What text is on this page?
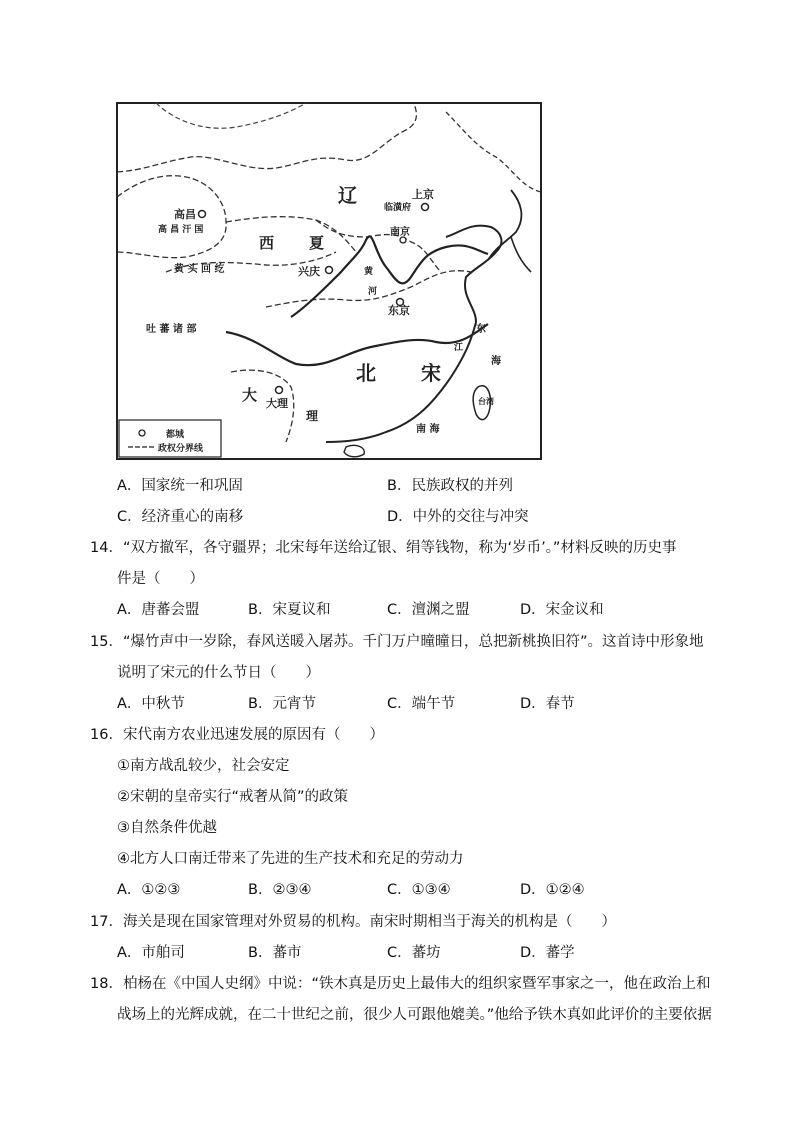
辽	上京
临潢府
高昌
高 昌 汗 国
西 夏
兴庆
黄 头 回 纥
南京
东京
黄
河
吐 蕃 诸 部	东
江
海
北 宋
大 大理
理
南 海
台湾
都城
政权分界线
A．国家统一和巩固	B．民族政权的并列
C．经济重心的南移	D．中外的交往与冲突
14．“双方撤军，各守疆界；北宋每年送给辽银、绢等钱物，称为‘岁币’。”材料反映的历史事
件是（　　）
A．唐蕃会盟	B．宋夏议和	C．澶渊之盟	D．宋金议和
15．“爆竹声中一岁除，春风送暖入屠苏。千门万户曈曈日，总把新桃换旧符”。这首诗中形象地
说明了宋元的什么节日（　　）
A．中秋节	B．元宵节	C．端午节	D．春节
16．宋代南方农业迅速发展的原因有（　　）
①南方战乱较少，社会安定
②宋朝的皇帝实行“戒奢从简”的政策
③自然条件优越
④北方人口南迁带来了先进的生产技术和充足的劳动力
A．①②③	B．②③④	C．①③④	D．①②④
17．海关是现在国家管理对外贸易的机构。南宋时期相当于海关的机构是（　　）
A．市舶司	B．蕃市	C．蕃坊	D．蕃学
18．柏杨在《中国人史纲》中说：“铁木真是历史上最伟大的组织家暨军事家之一，他在政治上和
战场上的光辉成就，在二十世纪之前，很少人可跟他媲美。”他给予铁木真如此评价的主要依据
